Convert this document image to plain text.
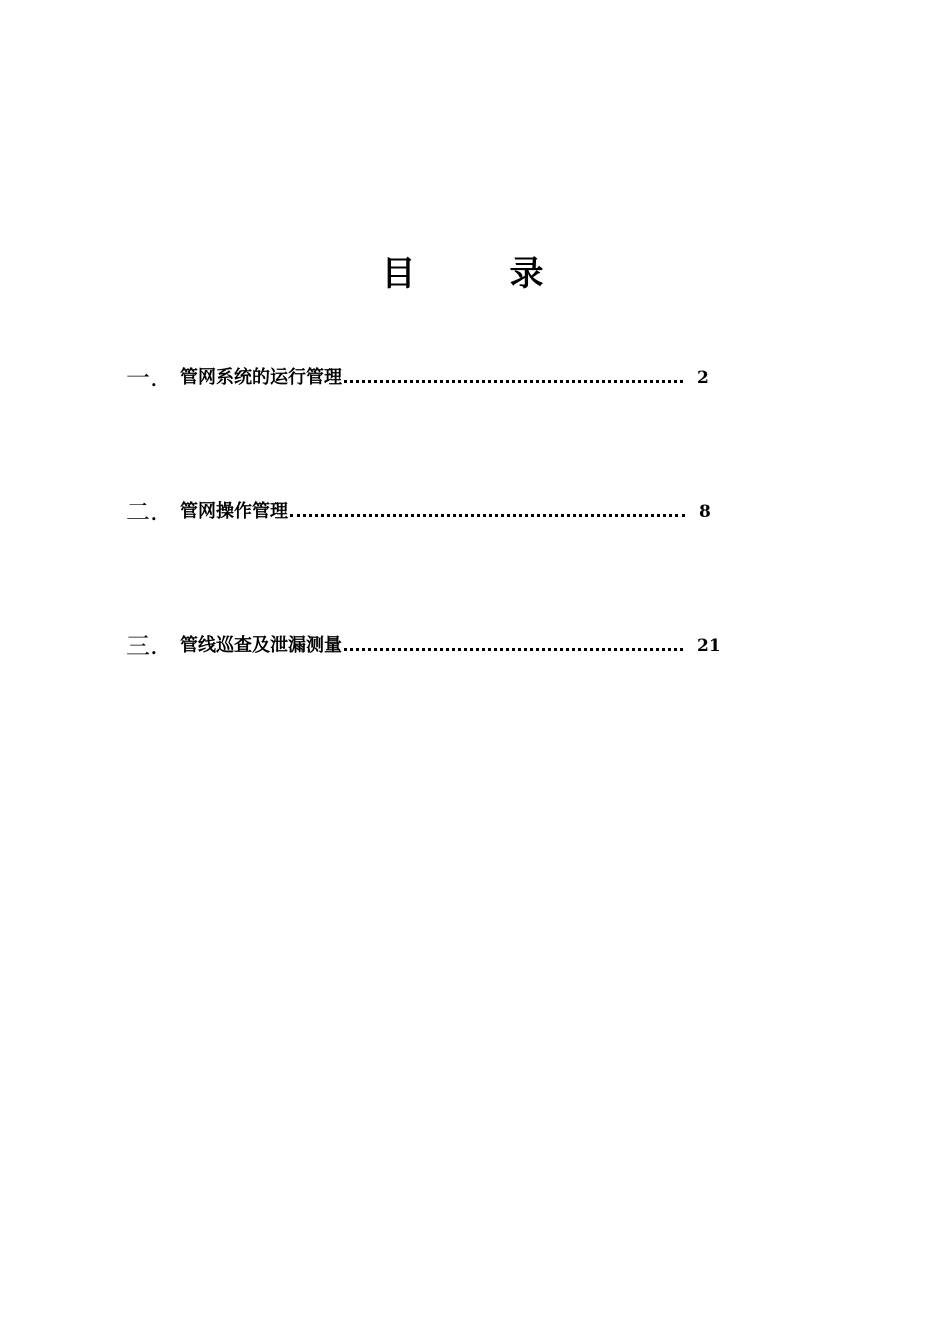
目　录
一.	管网系统的运行管理	2
二.	管网操作管理	8
三.	管线巡查及泄漏测量	21
